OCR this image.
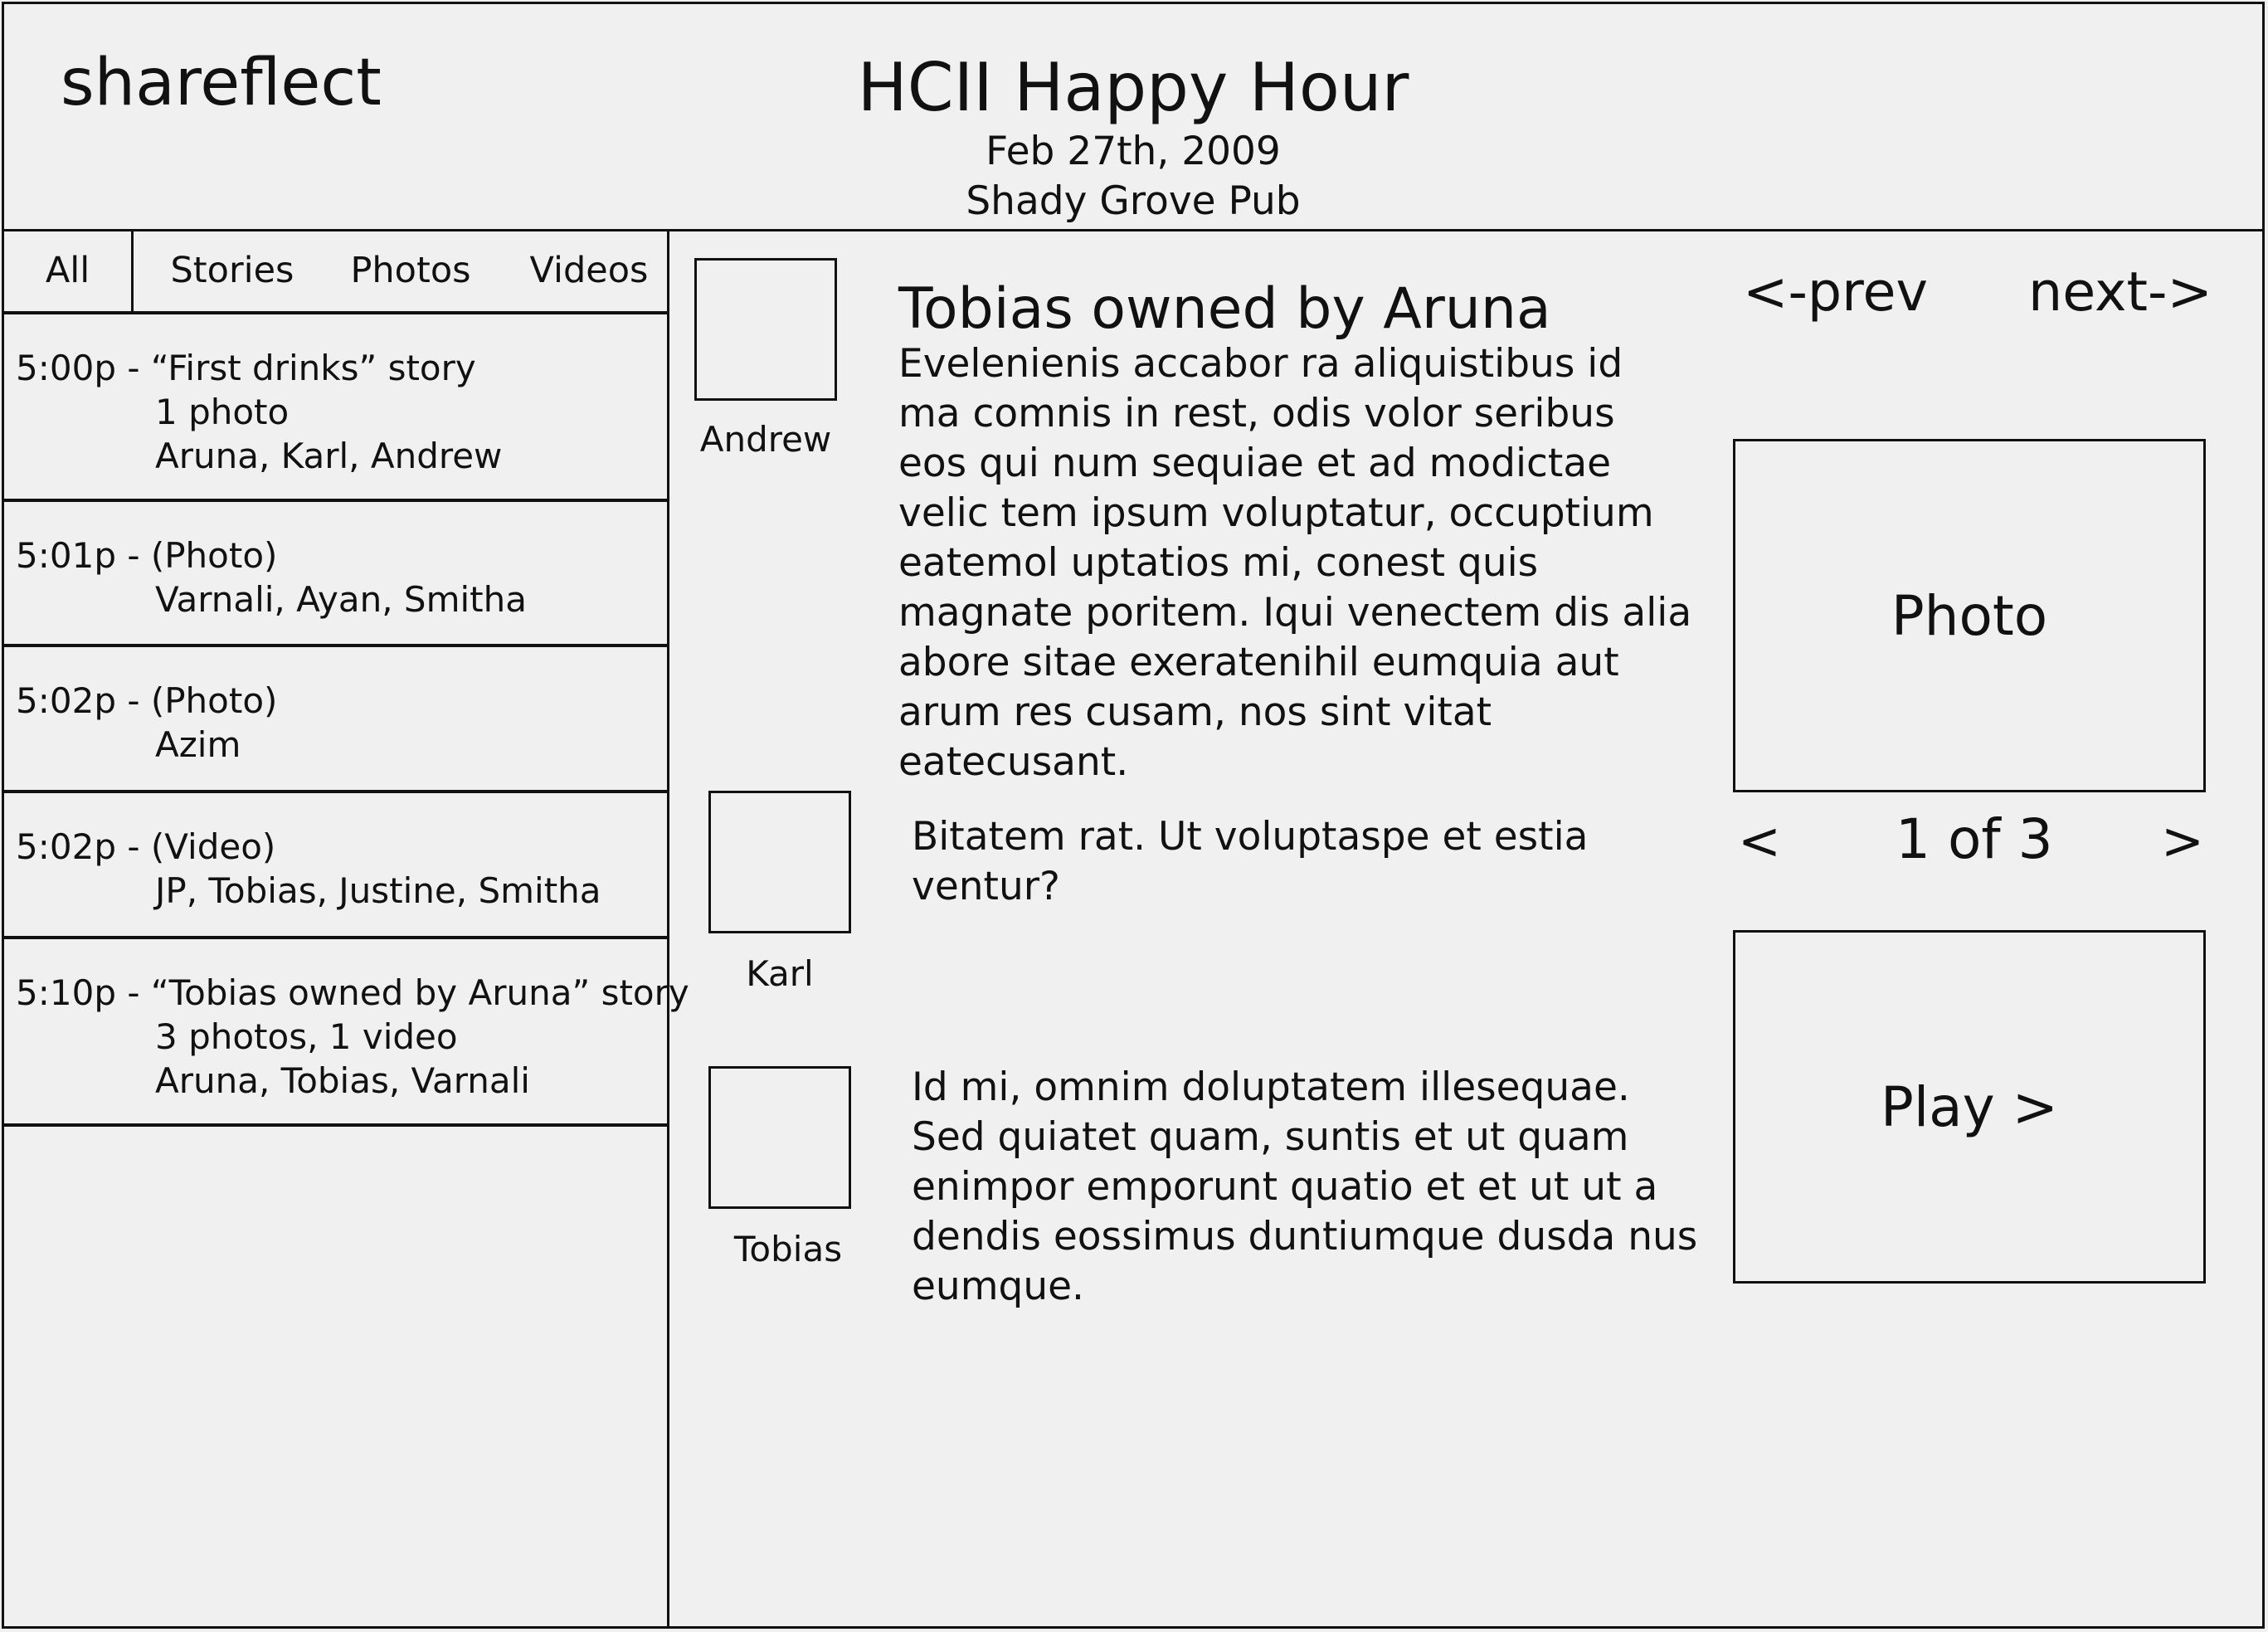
shareflect	HCII Happy Hour
Feb 27th, 2009
Shady Grove Pub
All	Stories Photos Videos
5:00p - “First drinks” story
1 photo
Aruna, Karl, Andrew
5:01p - (Photo)
Varnali, Ayan, Smitha
5:02p - (Photo)
Azim
5:02p - (Video)
JP, Tobias, Justine, Smitha
5:10p - “Tobias owned by Aruna” story
3 photos, 1 video
Aruna, Tobias, Varnali
Andrew
Tobias owned by Aruna
Evelenienis accabor ra aliquistibus id ma comnis in rest, odis volor seribus eos qui num sequiae et ad modictae velic tem ipsum voluptatur, occuptium eatemol uptatios mi, conest quis magnate poritem. Iqui venectem dis alia abore sitae exeratenihil eumquia aut arum res cusam, nos sint vitat eatecusant.
Karl
Bitatem rat. Ut voluptaspe et estia ventur?
Tobias
Id mi, omnim doluptatem illesequae. Sed quiatet quam, suntis et ut quam enimpor emporunt quatio et et ut ut a dendis eossimus duntiumque dusda nus eumque.
<-prev next->
Photo
< 1 of 3 >
Play >
